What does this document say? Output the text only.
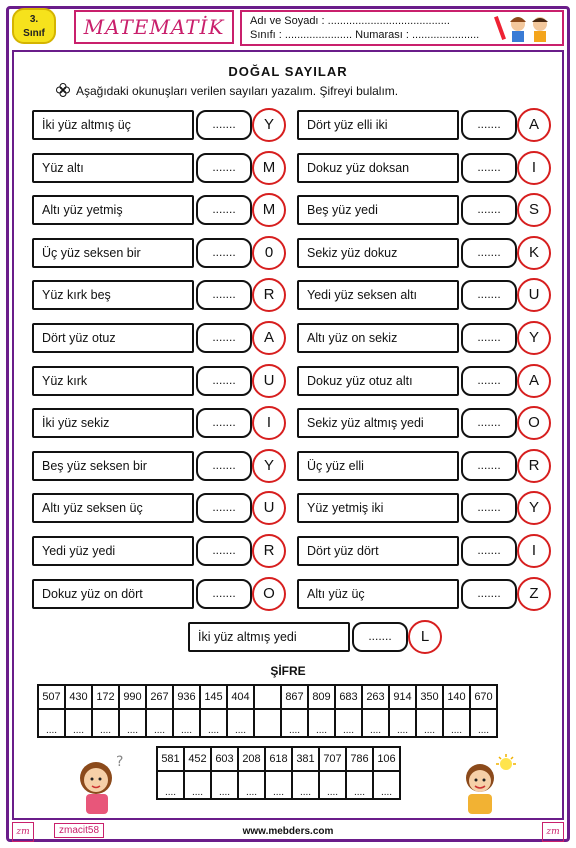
3.
Sınıf	MATEMATİK Adı ve Soyadı : ........................................
Sınıfı : ...................... Numarası : ......................
DOĞAL SAYILAR
Aşağıdaki okunuşları verilen sayıları yazalım. Şifreyi bulalım.
İki yüz altmış üç	.......	Y
Yüz altı	.......	M
Altı yüz yetmiş	.......	M
Üç yüz seksen bir	.......	0
Yüz kırk beş	.......	R
Dört yüz otuz	.......	A
Yüz kırk	.......	U
İki yüz sekiz	.......	I
Beş yüz seksen bir	.......	Y
Altı yüz seksen üç	.......	U
Yedi yüz yedi	.......	R
Dokuz yüz on dört	.......	O
Dört yüz elli iki	.......	A
Dokuz yüz doksan	.......	I
Beş yüz yedi	.......	S
Sekiz yüz dokuz	.......	K
Yedi yüz seksen altı	.......	U
Altı yüz on sekiz	.......	Y
Dokuz yüz otuz altı	.......	A
Sekiz yüz altmış yedi	.......	O
Üç yüz elli	.......	R
Yüz yetmiş iki	.......	Y
Dört yüz dört	.......	I
Altı yüz üç	.......	Z
İki yüz altmış yedi	.......	L
ŞİFRE
507	430	172	990	267	936	145	404		867	809	683	263	914	350	140	670
....	....	....	....	....	....	....	....		....	....	....	....	....	....	....	....
581	452	603	208	618	381	707	786	106
....	....	....	....	....	....	....	....	....
?
zm	zmacit58	www.mebders.com	zm
